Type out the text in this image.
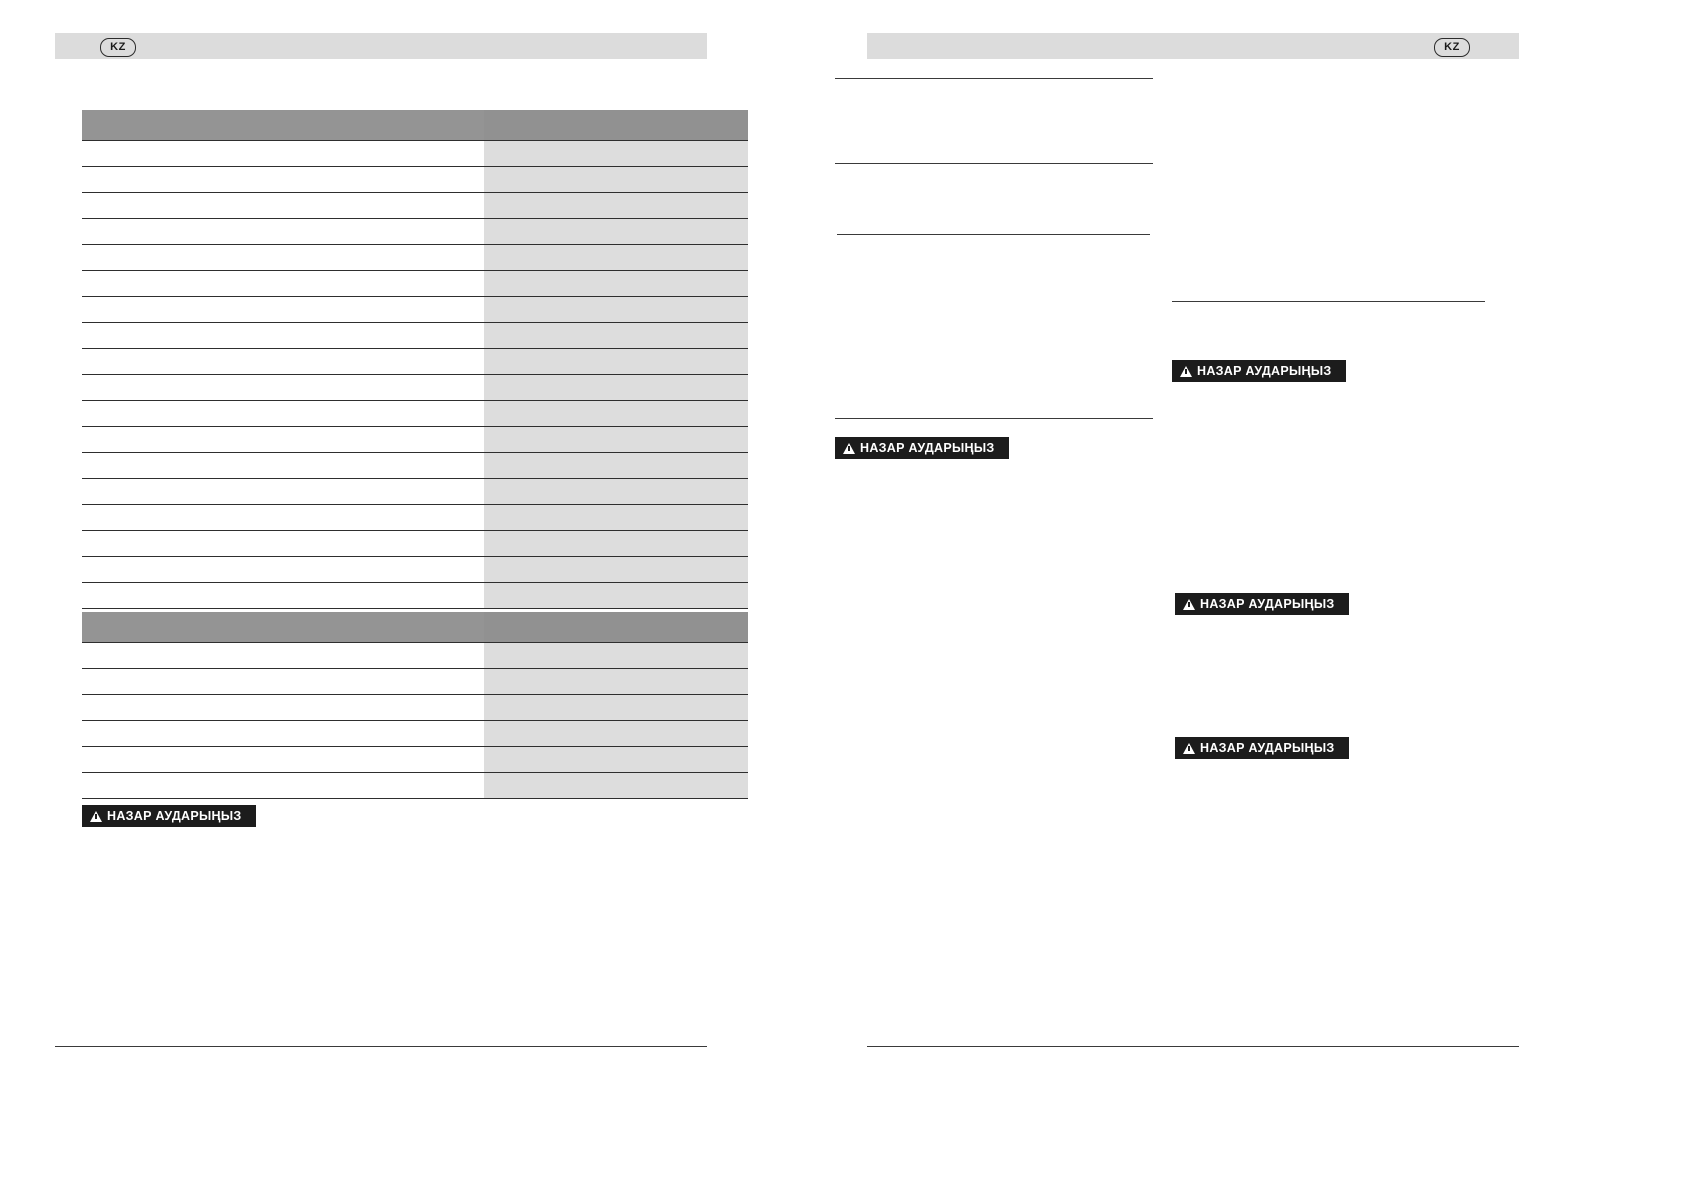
KZ

НАЗАР АУДАРЫҢЫЗ
KZ
НАЗАР АУДАРЫҢЫЗ
НАЗАР АУДАРЫҢЫЗ
НАЗАР АУДАРЫҢЫЗ
НАЗАР АУДАРЫҢЫЗ
